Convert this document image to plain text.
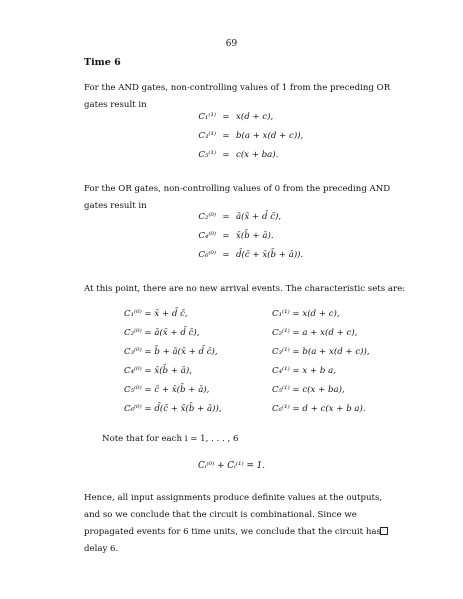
69
Time 6
For the AND gates, non-controlling values of 1 from the preceding OR gates result in
C₁⁽¹⁾ = x(d + c),
C₃⁽¹⁾ = b(a + x(d + c)),
C₅⁽¹⁾ = c(x + ba).
For the OR gates, non-controlling values of 0 from the preceding AND gates result in
C₂⁽⁰⁾ = ā(x̄ + d̄ c̄),
C₄⁽⁰⁾ = x̄(b̄ + ā).
C₆⁽⁰⁾ = d̄(c̄ + x̄(b̄ + ā)).
At this point, there are no new arrival events. The characteristic sets are:
C₁⁽⁰⁾ = x̄ + d̄ c̄,
C₂⁽⁰⁾ = ā(x̄ + d̄ c̄),
C₃⁽⁰⁾ = b̄ + ā(x̄ + d̄ c̄),
C₄⁽⁰⁾ = x̄(b̄ + ā),
C₅⁽⁰⁾ = c̄ + x̄(b̄ + ā),
C₆⁽⁰⁾ = d̄(c̄ + x̄(b̄ + ā)),
C₁⁽¹⁾ = x(d + c),
C₂⁽¹⁾ = a + x(d + c),
C₃⁽¹⁾ = b(a + x(d + c)),
C₄⁽¹⁾ = x + b a,
C₅⁽¹⁾ = c(x + ba),
C₆⁽¹⁾ = d + c(x + b a).
Note that for each i = 1, . . . , 6
Cᵢ⁽⁰⁾ + Cᵢ⁽¹⁾ = 1.
Hence, all input assignments produce definite values at the outputs, and so we conclude that the circuit is combinational. Since we propagated events for 6 time units, we conclude that the circuit has delay 6.
